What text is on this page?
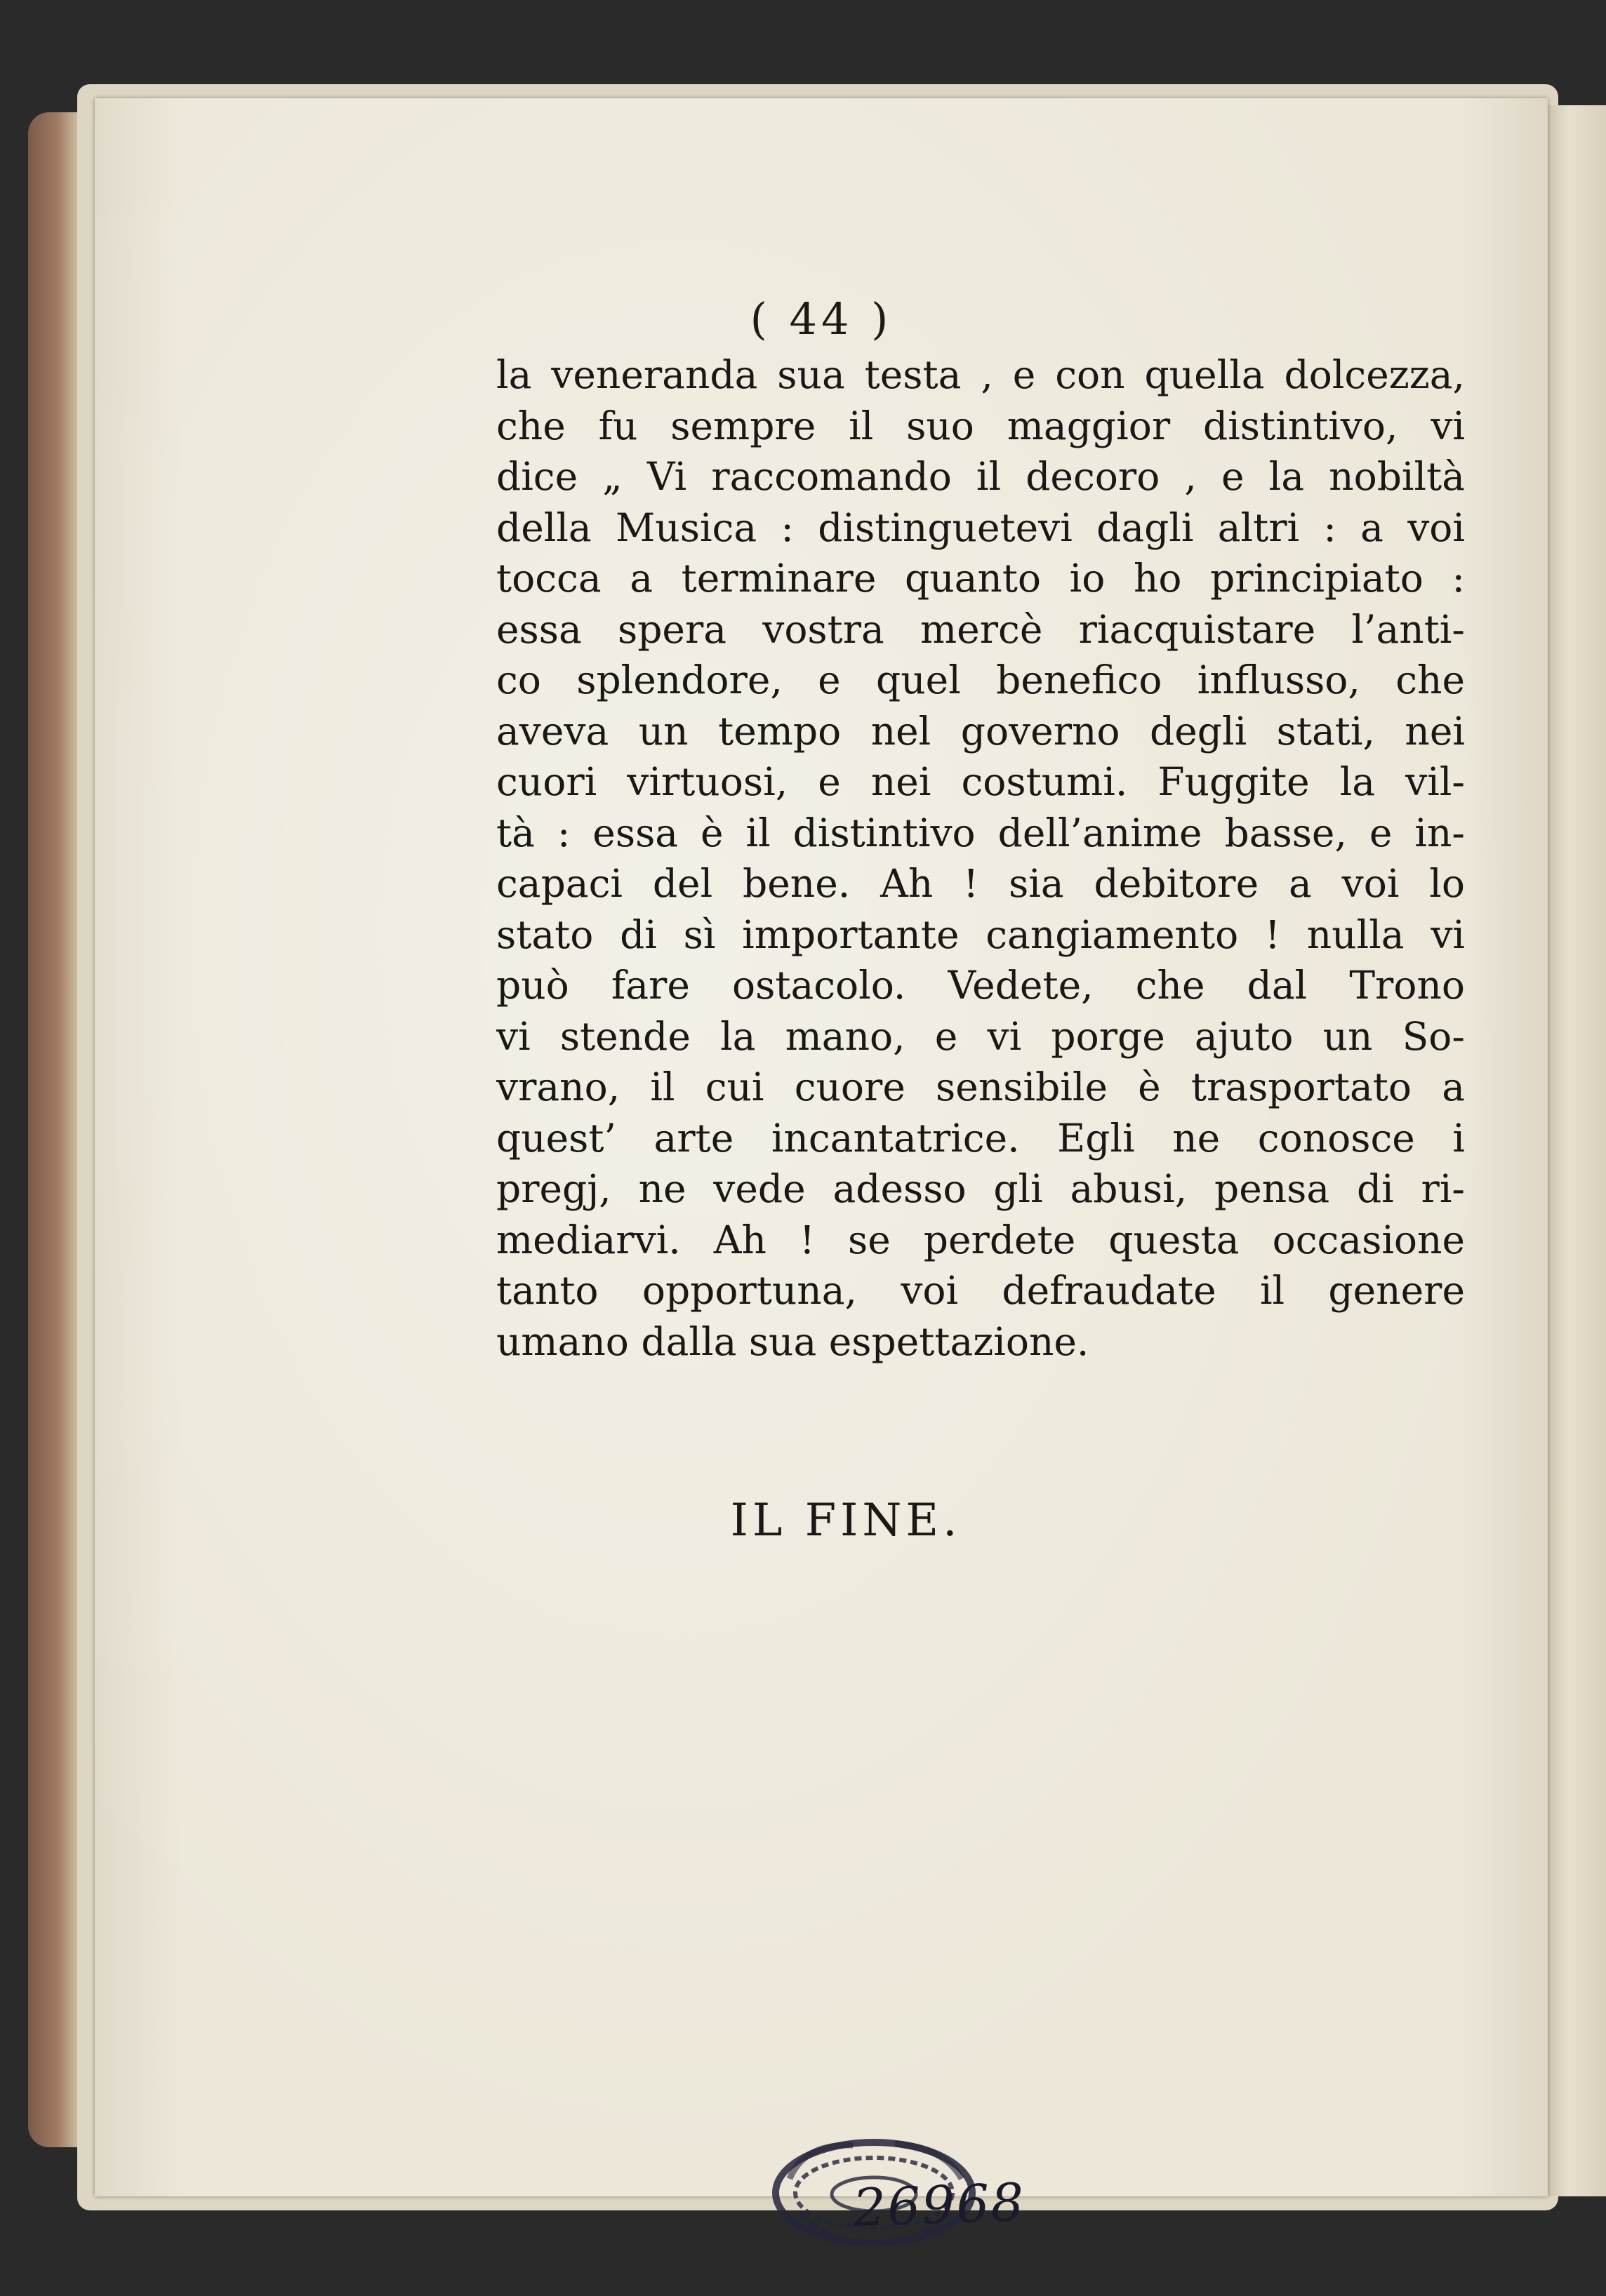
( 44 )
la veneranda sua testa , e con quella dolcezza,
che fu sempre il suo maggior distintivo, vi
dice „ Vi raccomando il decoro , e la nobiltà
della Musica : distinguetevi dagli altri : a voi
tocca a terminare quanto io ho principiato :
essa spera vostra mercè riacquistare l’anti-
co splendore, e quel benefico influsso, che
aveva un tempo nel governo degli stati, nei
cuori virtuosi, e nei costumi. Fuggite la vil-
tà : essa è il distintivo dell’anime basse, e in-
capaci del bene. Ah ! sia debitore a voi lo
stato di sì importante cangiamento ! nulla vi
può fare ostacolo. Vedete, che dal Trono
vi stende la mano, e vi porge ajuto un So-
vrano, il cui cuore sensibile è trasportato a
quest’ arte incantatrice. Egli ne conosce i
pregj, ne vede adesso gli abusi, pensa di ri-
mediarvi. Ah ! se perdete questa occasione
tanto opportuna, voi defraudate il genere
umano dalla sua espettazione.
IL FINE.
26968
